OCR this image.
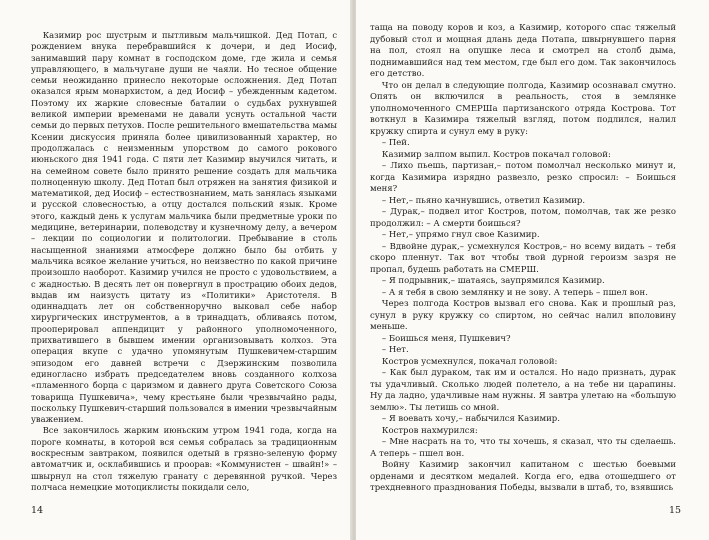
Казимир рос шустрым и пытливым мальчишкой. Дед Потап, с рождением внука перебравшийся к дочери, и дед Иосиф, занимавший пару комнат в господском доме, где жила и семья управляющего, в мальчугане души не чаяли. Но тесное общение семьи неожиданно принесло некоторые осложнения. Дед Потап оказался ярым монархистом, а дед Иосиф – убежденным кадетом. Поэтому их жаркие словесные баталии о судьбах рухнувшей великой империи временами не давали уснуть остальной части семьи до первых петухов. После решительного вмешательства мамы Ксении дискуссия приняла более цивилизованный характер, но продолжалась с неизменным упорством до самого рокового июньского дня 1941 года. С пяти лет Казимир выучился читать, и на семейном совете было принято решение создать для мальчика полноценную школу. Дед Потап был отряжен на занятия физикой и математикой, дед Иосиф – естествознанием, мать занялась языками и русской словесностью, а отцу достался польский язык. Кроме этого, каждый день к услугам мальчика были предметные уроки по медицине, ветеринарии, полеводству и кузнечному делу, а вечером – лекции по социологии и политологии. Пребывание в столь насыщенной знаниями атмосфере должно было бы отбить у мальчика всякое желание учиться, но неизвестно по какой причине произошло наоборот. Казимир учился не просто с удовольствием, а с жадностью. В десять лет он повергнул в прострацию обоих дедов, выдав им наизусть цитату из «Политики» Аристотеля. В одиннадцать лет он собственноручно выковал себе набор хирургических инструментов, а в тринадцать, обливаясь потом, прооперировал аппендицит у районного уполномоченного, прихватившего в бывшем имении организовывать колхоз. Эта операция вкупе с удачно упомянутым Пушкевичем-старшим эпизодом его давней встречи с Дзержинским позволила единогласно избрать председателем вновь созданного колхоза «пламенного борца с царизмом и давнего друга Советского Союза товарища Пушкевича», чему крестьяне были чрезвычайно рады, поскольку Пушкевич-старший пользовался в имении чрезвычайным уважением.

Все закончилось жарким июньским утром 1941 года, когда на пороге комнаты, в которой вся семья собралась за традиционным воскресным завтраком, появился одетый в грязно-зеленую форму автоматчик и, осклабившись и проорав: «Коммунистен – швайн!» – швырнул на стол тяжелую гранату с деревянной ручкой. Через полчаса немецкие мотоциклисты покидали село,

14

таща на поводу коров и коз, а Казимир, которого спас тяжелый дубовый стол и мощная длань деда Потапа, швырнувшего парня на пол, стоял на опушке леса и смотрел на столб дыма, поднимавшийся над тем местом, где был его дом. Так закончилось его детство.

Что он делал в следующие полгода, Казимир осознавал смутно. Опять он включился в реальность, стоя в землянке уполномоченного СМЕРШа партизанского отряда Кострова. Тот воткнул в Казимира тяжелый взгляд, потом подлился, налил кружку спирта и сунул ему в руку:

– Пей.

Казимир залпом выпил. Костров покачал головой:

– Лихо пьешь, партизан,– потом помолчал несколько минут и, когда Казимира изрядно развезло, резко спросил: – Боишься меня?

– Нет,– пьяно качнувшись, ответил Казимир.

– Дурак,– подвел итог Костров, потом, помолчав, так же резко продолжил: – А смерти боишься?

– Нет,– упрямо гнул свое Казимир.

– Вдвойне дурак,– усмехнулся Костров,– но всему видать – тебя скоро пленнут. Так вот чтобы твой дурной героизм зазря не пропал, будешь работать на СМЕРШ.

– Я подрывник,– шатаясь, заупрямился Казимир.

– А я тебя в свою землянку и не зову. А теперь – пшел вон.

Через полгода Костров вызвал его снова. Как и прошлый раз, сунул в руку кружку со спиртом, но сейчас налил вполовину меньше.

– Боишься меня, Пушкевич?

– Нет.

Костров усмехнулся, покачал головой:

– Как был дураком, так им и остался. Но надо признать, дурак ты удачливый. Сколько людей полетело, а на тебе ни царапины. Ну да ладно, удачливые нам нужны. Я завтра улетаю на «большую землю». Ты летишь со мной.

– Я воевать хочу,– набычился Казимир.

Костров нахмурился:

– Мне насрать на то, что ты хочешь, я сказал, что ты сделаешь. А теперь – пшел вон.

Войну Казимир закончил капитаном с шестью боевыми орденами и десятком медалей. Когда его, едва отошедшего от трехдневного празднования Победы, вызвали в штаб, то, взявшись

15
